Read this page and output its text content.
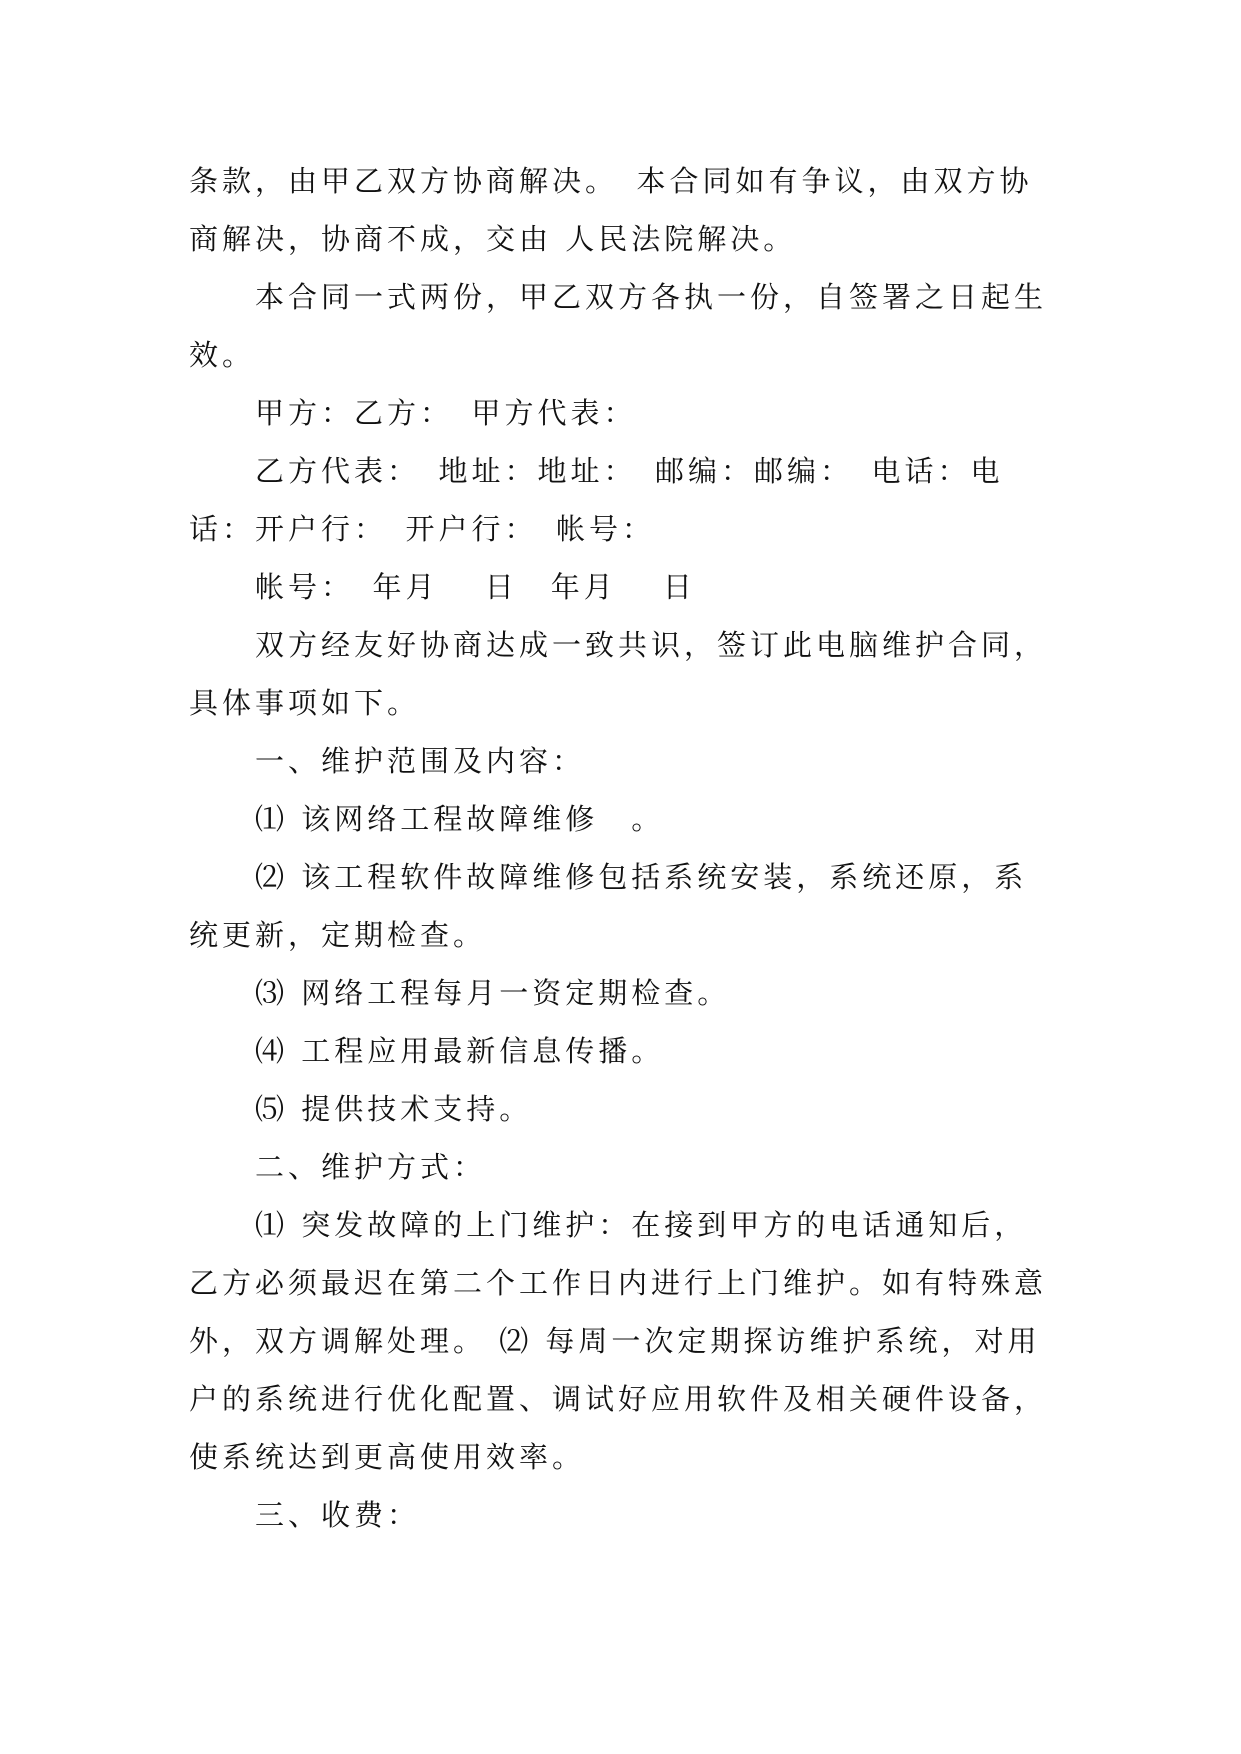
条款，由甲乙双方协商解决。　本合同如有争议，由双方协商解决，协商不成，交由 人民法院解决。

本合同一式两份，甲乙双方各执一份，自签署之日起生效。

甲方：乙方：　甲方代表：

乙方代表：　地址：地址：　邮编：邮编：　电话：电话：开户行：　开户行：　帐号：

帐号：　年月　 日　年月　 日

双方经友好协商达成一致共识，签订此电脑维护合同，具体事项如下。

一、维护范围及内容：

⑴ 该网络工程故障维修　。

⑵ 该工程软件故障维修包括系统安装，系统还原，系统更新，定期检查。

⑶ 网络工程每月一资定期检查。

⑷ 工程应用最新信息传播。

⑸ 提供技术支持。

二、维护方式：

⑴ 突发故障的上门维护：在接到甲方的电话通知后，乙方必须最迟在第二个工作日内进行上门维护。如有特殊意外，双方调解处理。 ⑵ 每周一次定期探访维护系统，对用户的系统进行优化配置、调试好应用软件及相关硬件设备，使系统达到更高使用效率。

三、收费：
